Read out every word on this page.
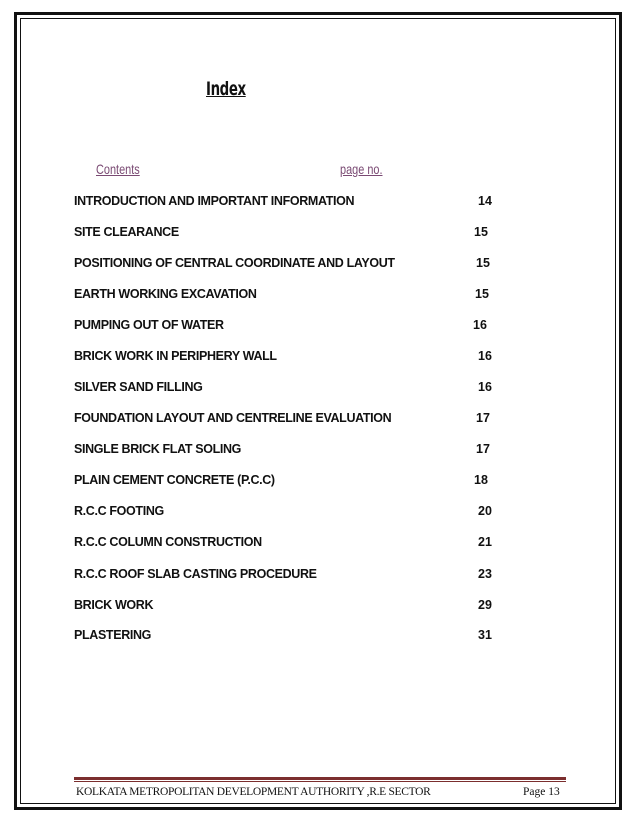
Index
Contents	page no.
INTRODUCTION AND IMPORTANT INFORMATION	14
SITE CLEARANCE	15
POSITIONING OF CENTRAL COORDINATE AND LAYOUT	15
EARTH WORKING EXCAVATION	15
PUMPING OUT OF WATER	16
BRICK WORK IN PERIPHERY WALL	16
SILVER SAND FILLING	16
FOUNDATION LAYOUT AND CENTRELINE EVALUATION	17
SINGLE BRICK FLAT SOLING	17
PLAIN CEMENT CONCRETE (P.C.C)	18
R.C.C FOOTING	20
R.C.C COLUMN CONSTRUCTION	21
R.C.C ROOF SLAB CASTING PROCEDURE	23
BRICK WORK	29
PLASTERING	31
KOLKATA METROPOLITAN DEVELOPMENT AUTHORITY ,R.E SECTOR	Page 13
